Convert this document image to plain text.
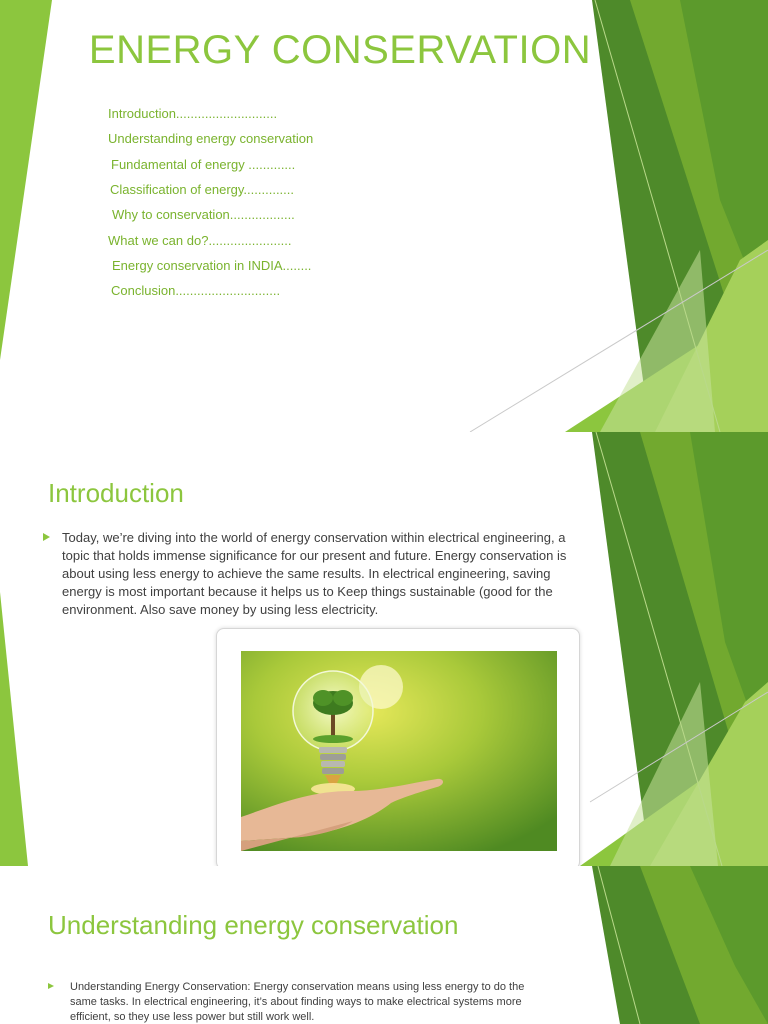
ENERGY CONSERVATION
Introduction............................
Understanding energy conservation
Fundamental of energy .............
Classification of energy..............
Why to conservation..................
What we can do?.......................
Energy conservation in INDIA........
Conclusion.............................
Introduction
Today, we’re diving into the world of energy conservation within electrical engineering, a topic that holds immense significance for our present and future. Energy conservation is about using less energy to achieve the same results. In electrical engineering, saving energy is most important because it helps us to Keep things sustainable (good for the environment. Also save money by using less electricity.
Understanding energy conservation
Understanding Energy Conservation: Energy conservation means using less energy to do the same tasks. In electrical engineering, it’s about finding ways to make electrical systems more efficient, so they use less power but still work well.
